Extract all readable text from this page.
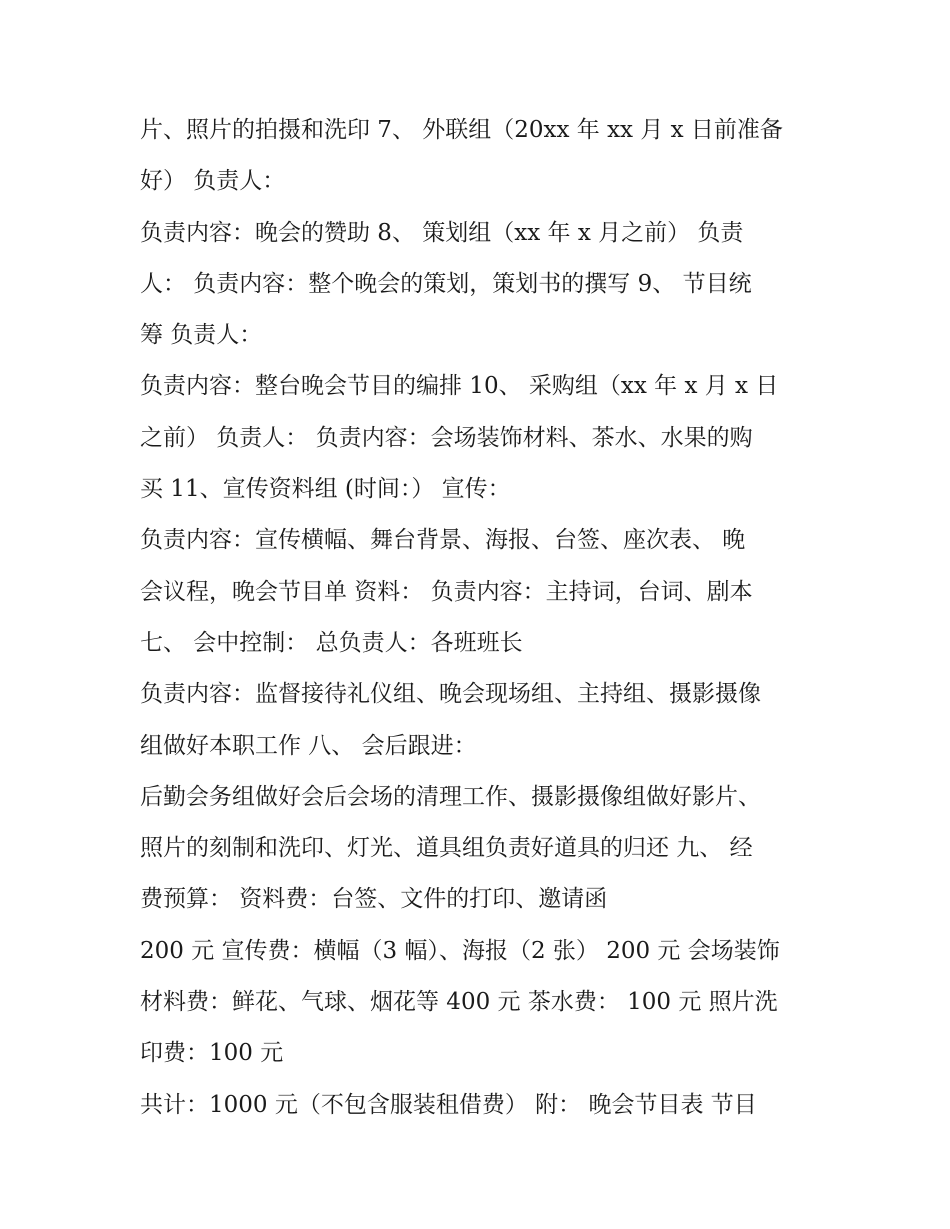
片、照片的拍摄和洗印 7、 外联组（20xx 年 xx 月 x 日前准备

好） 负责人：

负责内容：晚会的赞助 8、 策划组（xx 年 x 月之前） 负责

人： 负责内容：整个晚会的策划，策划书的撰写 9、 节目统

筹 负责人：

负责内容：整台晚会节目的编排 10、 采购组（xx 年 x 月 x 日

之前） 负责人： 负责内容：会场装饰材料、茶水、水果的购

买 11、宣传资料组 (时间：） 宣传：

负责内容：宣传横幅、舞台背景、海报、台签、座次表、 晚

会议程，晚会节目单 资料： 负责内容：主持词，台词、剧本

七、 会中控制： 总负责人：各班班长

负责内容：监督接待礼仪组、晚会现场组、主持组、摄影摄像

组做好本职工作 八、 会后跟进：

后勤会务组做好会后会场的清理工作、摄影摄像组做好影片、

照片的刻制和洗印、灯光、道具组负责好道具的归还 九、 经

费预算： 资料费：台签、文件的打印、邀请函

200 元 宣传费：横幅（3 幅）、海报（2 张） 200 元 会场装饰

材料费：鲜花、气球、烟花等 400 元 茶水费： 100 元 照片洗

印费：100 元

共计：1000 元（不包含服装租借费） 附： 晚会节目表 节目
